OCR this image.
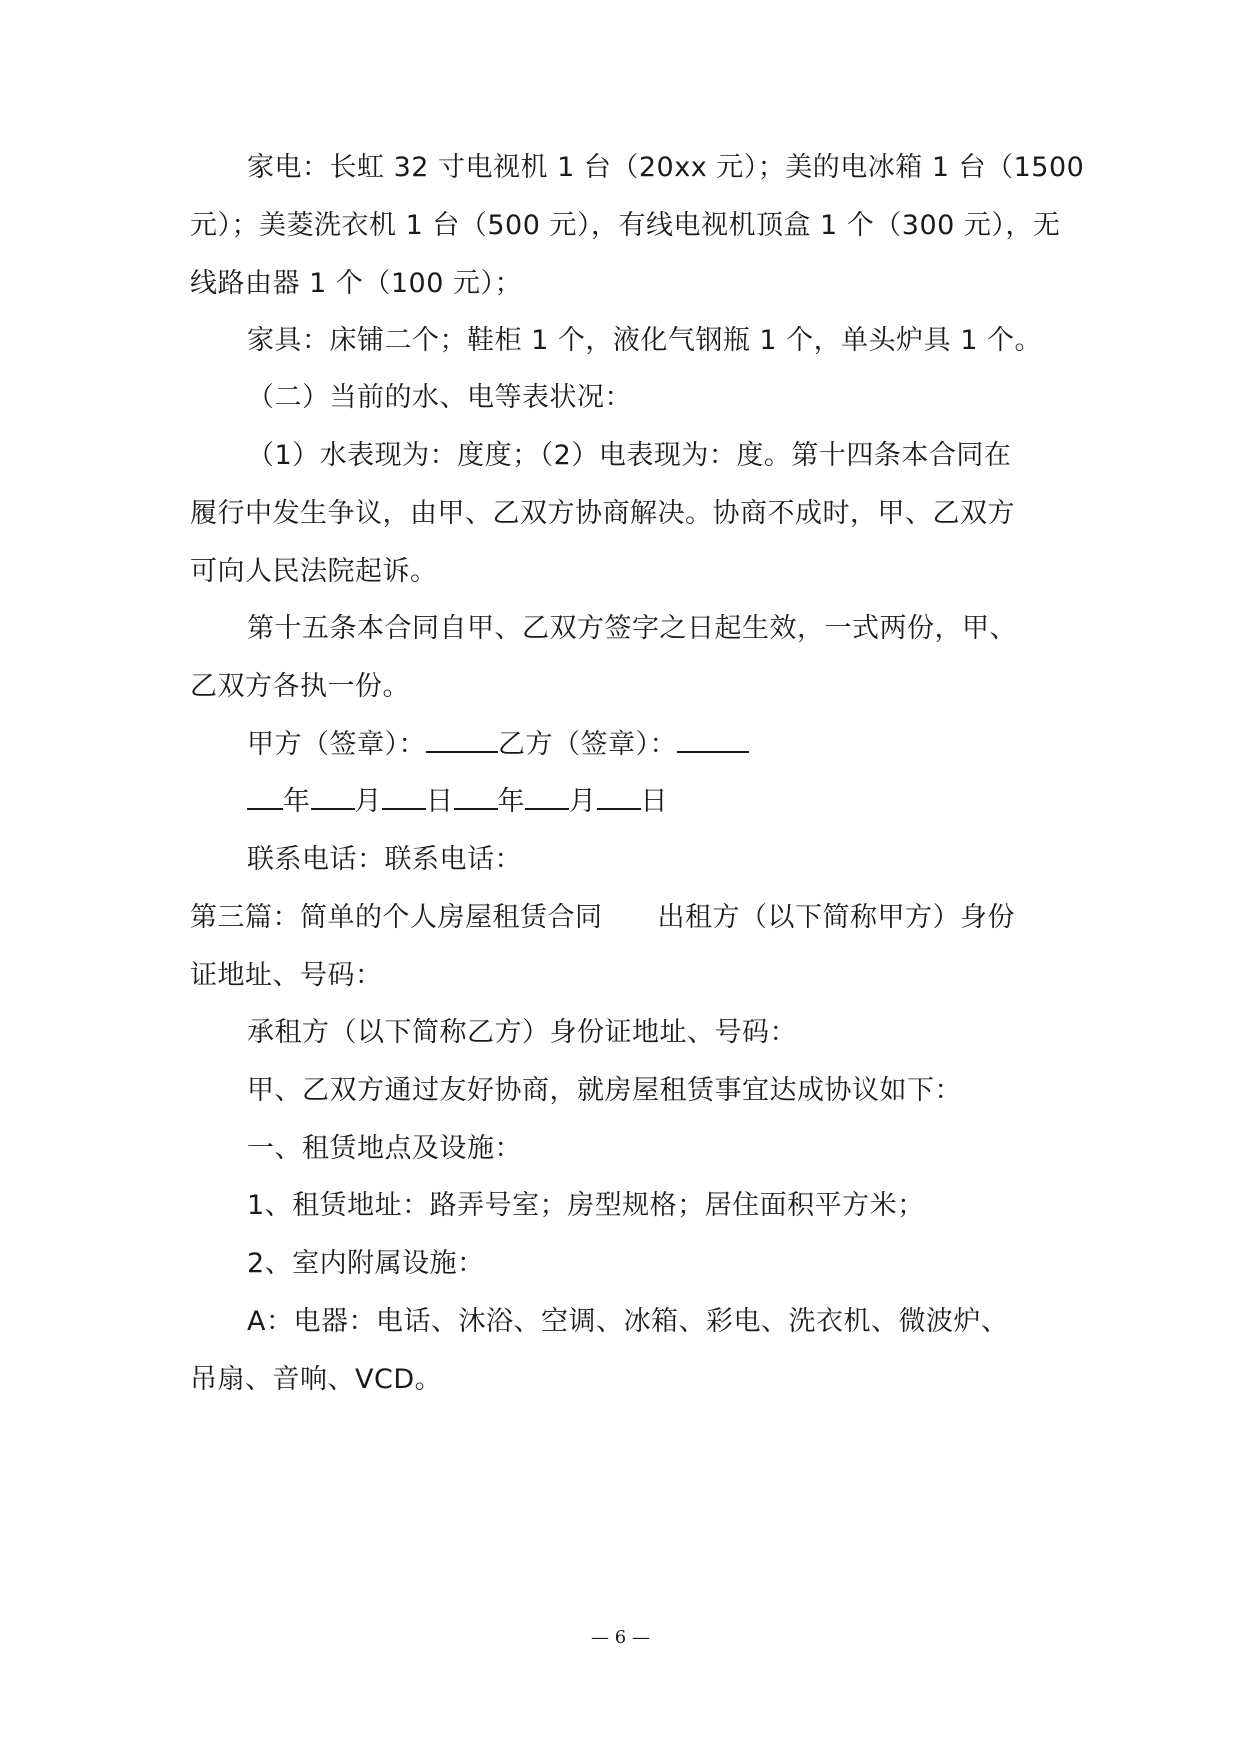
家电：长虹 32 寸电视机 1 台（20xx 元）；美的电冰箱 1 台（1500
元）；美菱洗衣机 1 台（500 元），有线电视机顶盒 1 个（300 元），无
线路由器 1 个（100 元）；
家具：床铺二个；鞋柜 1 个，液化气钢瓶 1 个，单头炉具 1 个。
（二）当前的水、电等表状况：
（1）水表现为：度度；（2）电表现为：度。第十四条本合同在
履行中发生争议，由甲、乙双方协商解决。协商不成时，甲、乙双方
可向人民法院起诉。
第十五条本合同自甲、乙双方签字之日起生效，一式两份，甲、
乙双方各执一份。
甲方（签章）：	乙方（签章）：
年 月 日 年 月 日
联系电话：联系电话：
第三篇：简单的个人房屋租赁合同　　出租方（以下简称甲方）身份
证地址、号码：
承租方（以下简称乙方）身份证地址、号码：
甲、乙双方通过友好协商，就房屋租赁事宜达成协议如下：
一、租赁地点及设施：
1、租赁地址：路弄号室；房型规格；居住面积平方米；
2、室内附属设施：
A：电器：电话、沐浴、空调、冰箱、彩电、洗衣机、微波炉、
吊扇、音响、VCD。
— 6 —
